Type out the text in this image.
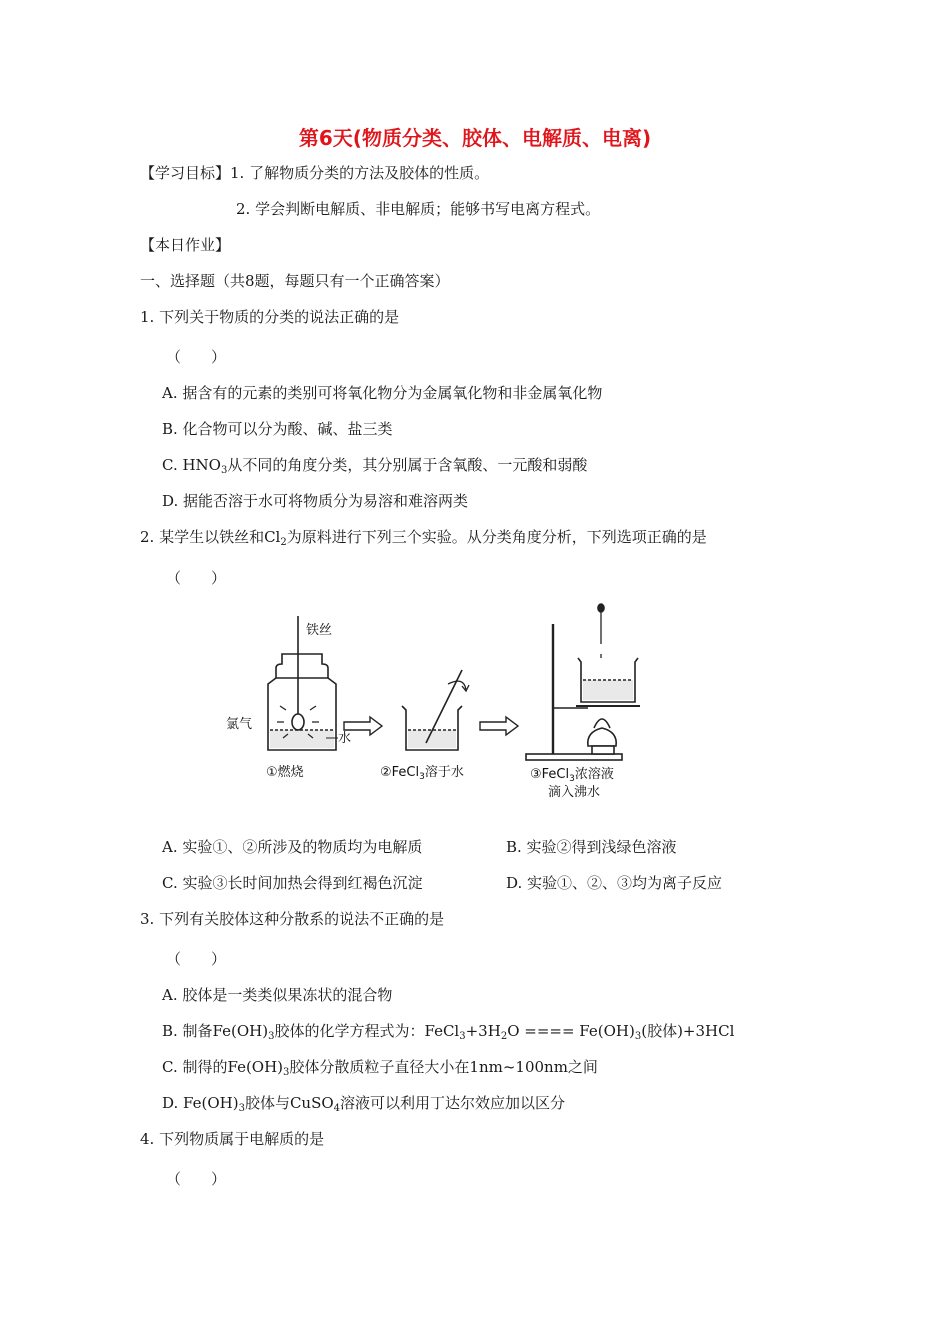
第6天(物质分类、胶体、电解质、电离)
【学习目标】1. 了解物质分类的方法及胶体的性质。
2. 学会判断电解质、非电解质；能够书写电离方程式。
【本日作业】
一、选择题（共8题，每题只有一个正确答案）
1. 下列关于物质的分类的说法正确的是
（　　）
A. 据含有的元素的类别可将氧化物分为金属氧化物和非金属氧化物
B. 化合物可以分为酸、碱、盐三类
C. $HNO_3$从不同的角度分类，其分别属于含氧酸、一元酸和弱酸
D. 据能否溶于水可将物质分为易溶和难溶两类
2. 某学生以铁丝和$Cl_2$为原料进行下列三个实验。从分类角度分析，下列选项正确的是
（　　）
铁丝
氯气
水
①燃烧	②FeCl$_3$溶于水	③FeCl$_3$浓溶液
滴入沸水
A. 实验①、②所涉及的物质均为电解质	B. 实验②得到浅绿色溶液
C. 实验③长时间加热会得到红褐色沉淀	D. 实验①、②、③均为离子反应
3. 下列有关胶体这种分散系的说法不正确的是
（　　）
A. 胶体是一类类似果冻状的混合物
B. 制备$Fe(OH)_3$胶体的化学方程式为：$FeCl_3+3H_2O$ ==== $Fe(OH)_3$(胶体)+3HCl
C. 制得的$Fe(OH)_3$胶体分散质粒子直径大小在1nm~100nm之间
D. $Fe(OH)_3$胶体与CuSO$_4$溶液可以利用丁达尔效应加以区分
4. 下列物质属于电解质的是
（　　）
